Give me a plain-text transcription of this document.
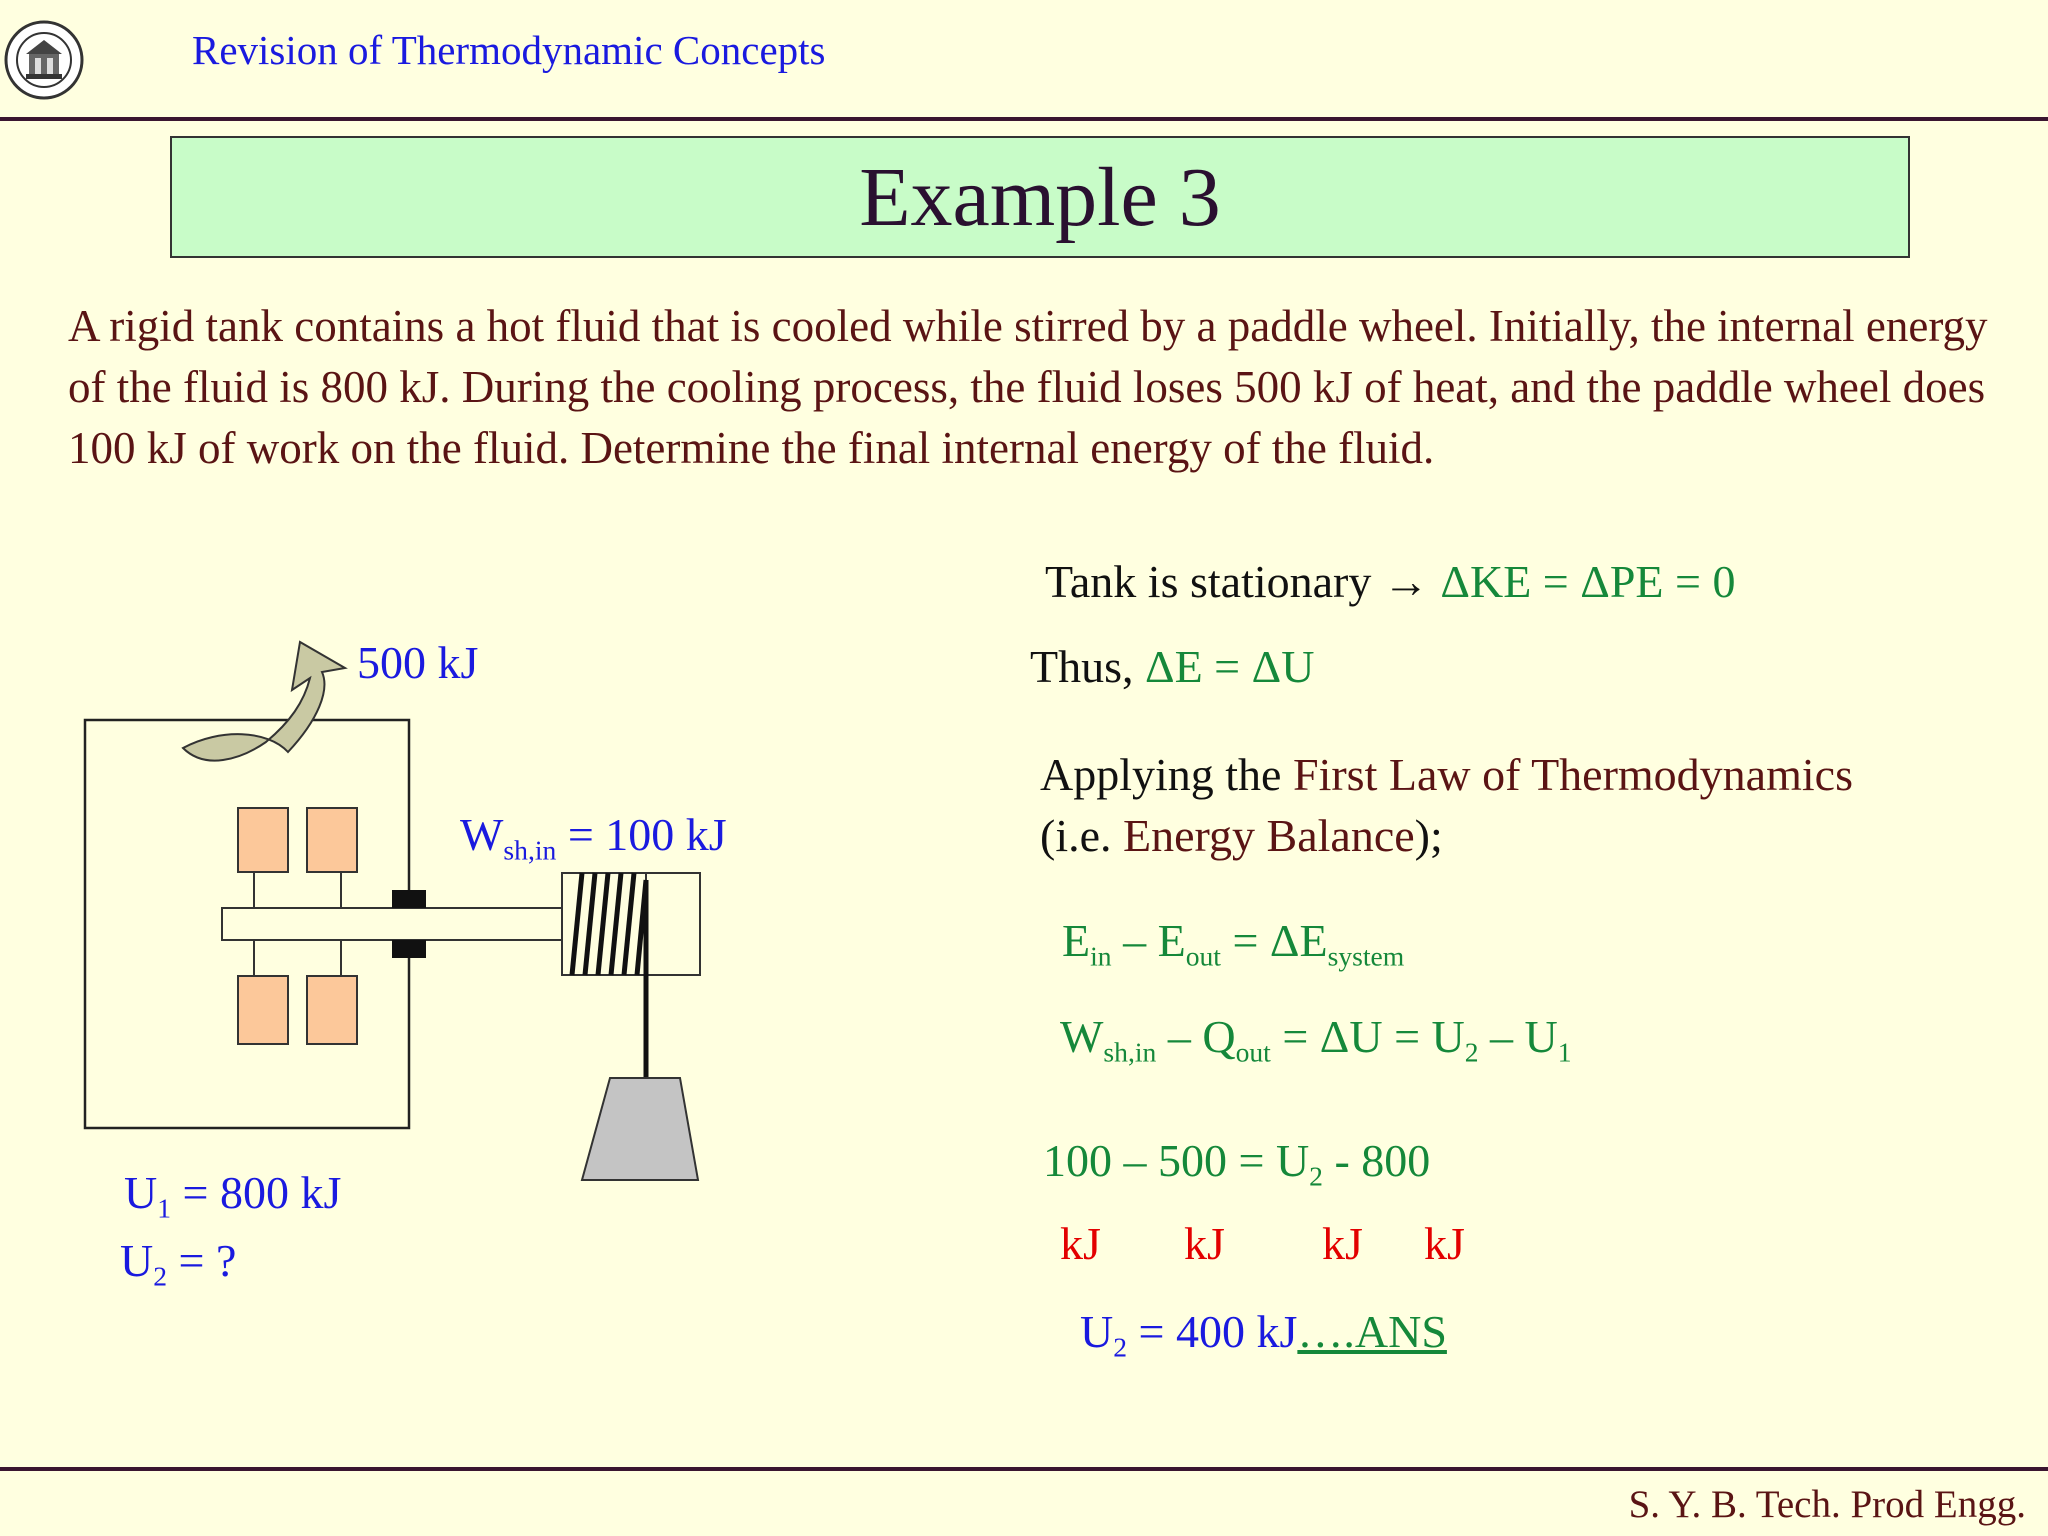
Revision of Thermodynamic Concepts
Example 3
A rigid tank contains a hot fluid that is cooled while stirred by a paddle wheel. Initially, the internal energy of the fluid is 800 kJ. During the cooling process, the fluid loses 500 kJ of heat, and the paddle wheel does 100 kJ of work on the fluid. Determine the final internal energy of the fluid.
500 kJ
$W_{sh,in} = 100$ kJ
$U_1 = 800$ kJ
$U_2$ = ?
Tank is stationary → ΔKE = ΔPE = 0
Thus, ΔE = ΔU
Applying the First Law of Thermodynamics
(i.e. Energy Balance);
$E_{in} - E_{out} = \Delta E_{system}$
$W_{sh,in} - Q_{out} = \Delta U = U_2 - U_1$
$100 - 500 = U_2 - 800$
kJ kJ kJ kJ
$U_2 = 400$ kJ….ANS
S. Y. B. Tech. Prod Engg.
